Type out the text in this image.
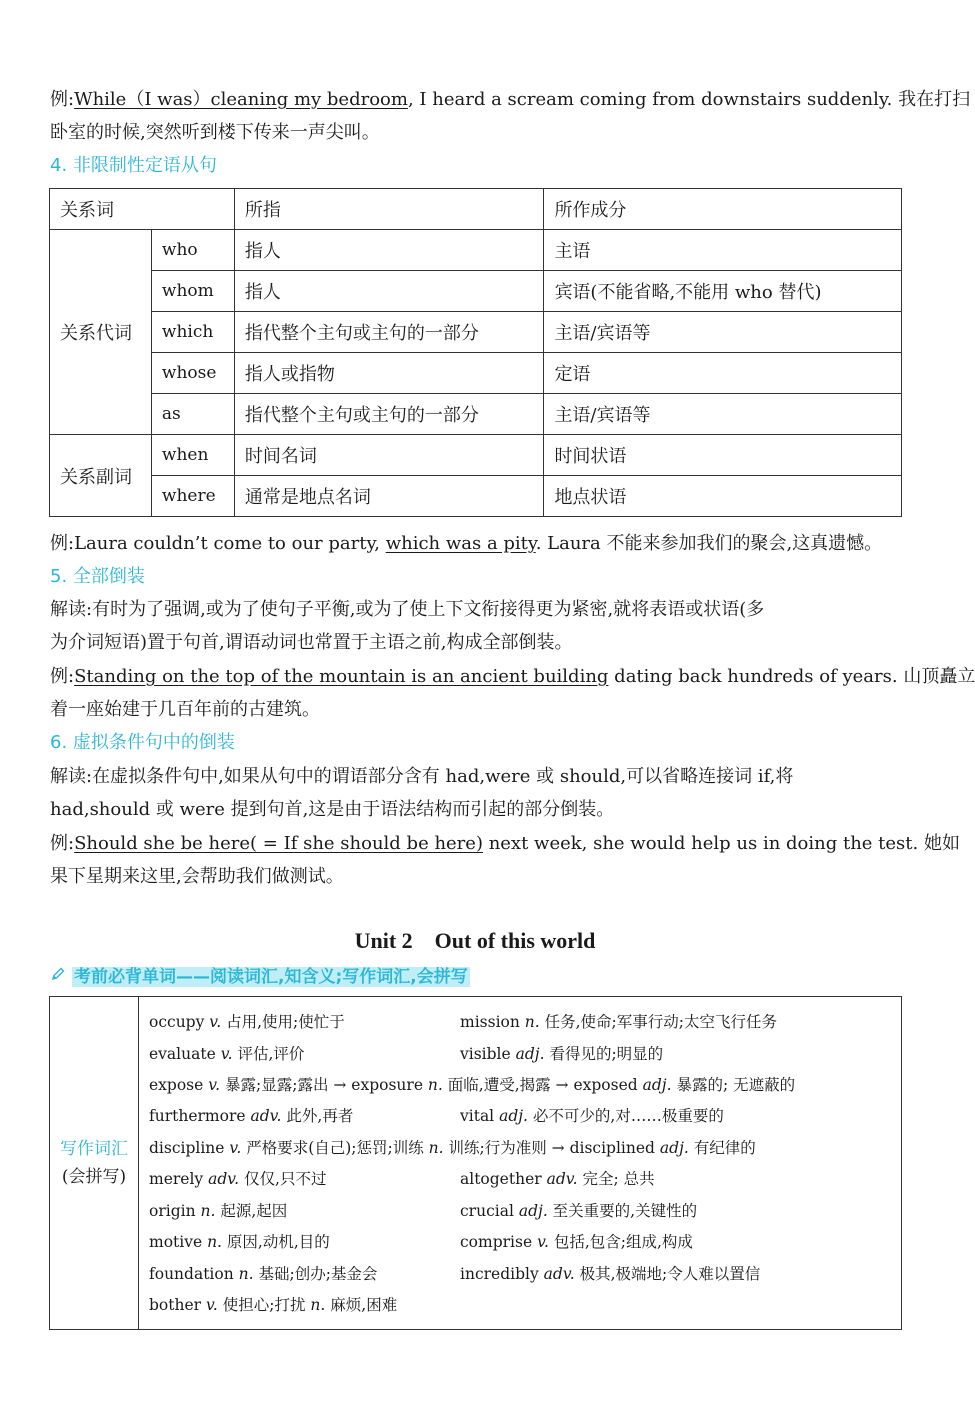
例:While（I was）cleaning my bedroom, I heard a scream coming from downstairs suddenly. 我在打扫
卧室的时候,突然听到楼下传来一声尖叫。
4. 非限制性定语从句
关系词		所指	所作成分
关系代词	who	指人	主语
	whom	指人	宾语(不能省略,不能用 who 替代)
	which	指代整个主句或主句的一部分	主语/宾语等
	whose	指人或指物	定语
	as	指代整个主句或主句的一部分	主语/宾语等
关系副词	when	时间名词	时间状语
	where	通常是地点名词	地点状语
例:Laura couldn’t come to our party, which was a pity. Laura 不能来参加我们的聚会,这真遗憾。
5. 全部倒装
解读:有时为了强调,或为了使句子平衡,或为了使上下文衔接得更为紧密,就将表语或状语(多
为介词短语)置于句首,谓语动词也常置于主语之前,构成全部倒装。
例:Standing on the top of the mountain is an ancient building dating back hundreds of years. 山顶矗立
着一座始建于几百年前的古建筑。
6. 虚拟条件句中的倒装
解读:在虚拟条件句中,如果从句中的谓语部分含有 had,were 或 should,可以省略连接词 if,将
had,should 或 were 提到句首,这是由于语法结构而引起的部分倒装。
例:Should she be here( = If she should be here) next week, she would help us in doing the test. 她如
果下星期来这里,会帮助我们做测试。
Unit 2　Out of this world
考前必背单词——阅读词汇,知含义;写作词汇,会拼写
写作词汇
(会拼写)
occupy v. 占用,使用;使忙于	mission n. 任务,使命;军事行动;太空飞行任务
evaluate v. 评估,评价	visible adj. 看得见的;明显的
expose v. 暴露;显露;露出 → exposure n. 面临,遭受,揭露 → exposed adj. 暴露的; 无遮蔽的
furthermore adv. 此外,再者	vital adj. 必不可少的,对……极重要的
discipline v. 严格要求(自己);惩罚;训练 n. 训练;行为准则 → disciplined adj. 有纪律的
merely adv. 仅仅,只不过	altogether adv. 完全; 总共
origin n. 起源,起因	crucial adj. 至关重要的,关键性的
motive n. 原因,动机,目的	comprise v. 包括,包含;组成,构成
foundation n. 基础;创办;基金会	incredibly adv. 极其,极端地;令人难以置信
bother v. 使担心;打扰 n. 麻烦,困难
